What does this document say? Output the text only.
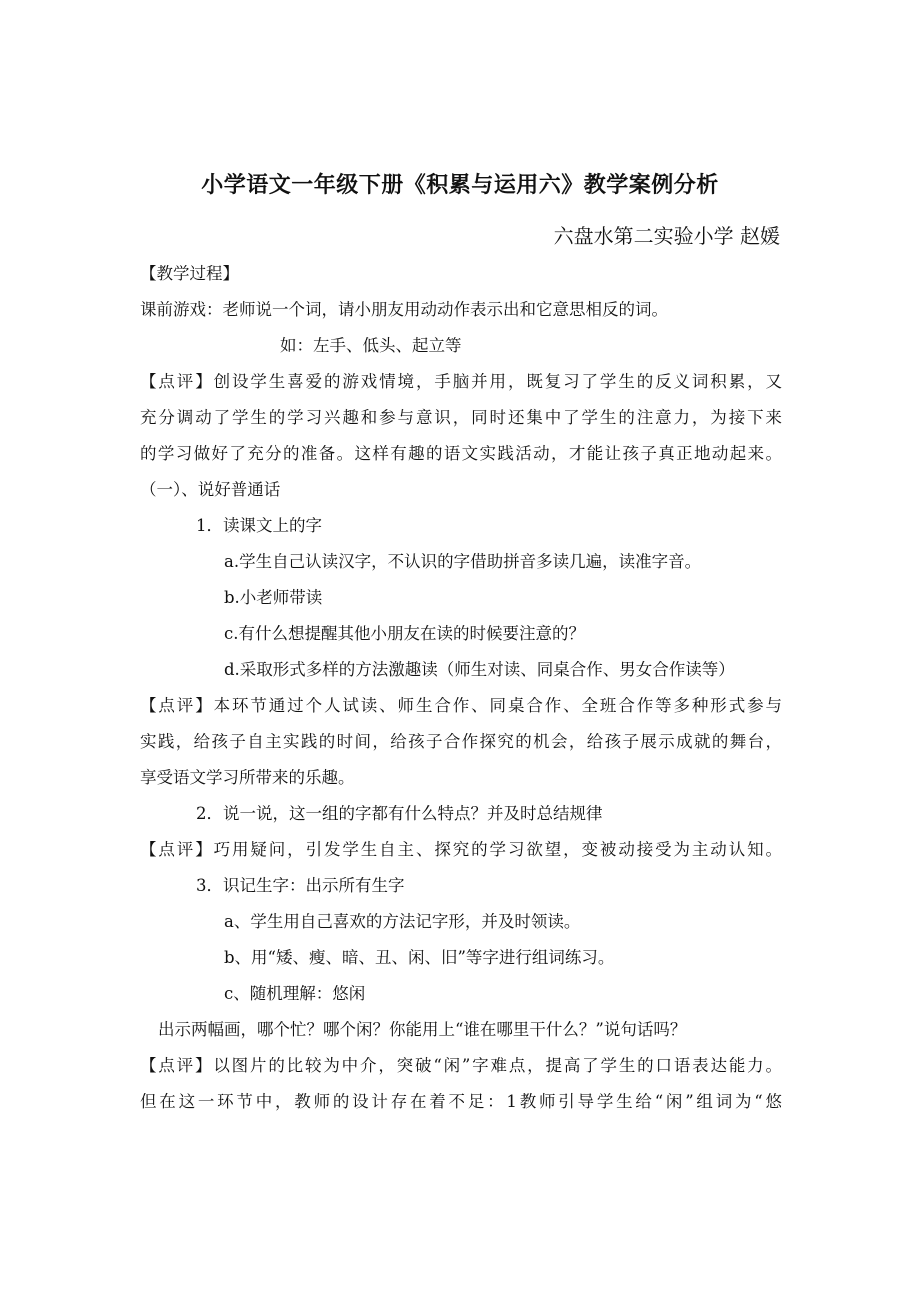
小学语文一年级下册《积累与运用六》教学案例分析
六盘水第二实验小学 赵媛
【教学过程】
课前游戏：老师说一个词，请小朋友用动动作表示出和它意思相反的词。
如：左手、低头、起立等
【点评】创设学生喜爱的游戏情境，手脑并用，既复习了学生的反义词积累，又
充分调动了学生的学习兴趣和参与意识，同时还集中了学生的注意力，为接下来
的学习做好了充分的准备。这样有趣的语文实践活动，才能让孩子真正地动起来。
（一）、说好普通话
1．读课文上的字
a.学生自己认读汉字，不认识的字借助拼音多读几遍，读准字音。
b.小老师带读
c.有什么想提醒其他小朋友在读的时候要注意的？
d.采取形式多样的方法激趣读（师生对读、同桌合作、男女合作读等）
【点评】本环节通过个人试读、师生合作、同桌合作、全班合作等多种形式参与
实践，给孩子自主实践的时间，给孩子合作探究的机会，给孩子展示成就的舞台，
享受语文学习所带来的乐趣。
2．说一说，这一组的字都有什么特点？并及时总结规律
【点评】巧用疑问，引发学生自主、探究的学习欲望，变被动接受为主动认知。
3．识记生字：出示所有生字
a、学生用自己喜欢的方法记字形，并及时领读。
b、用“矮、瘦、暗、丑、闲、旧”等字进行组词练习。
c、随机理解：悠闲
出示两幅画，哪个忙？哪个闲？你能用上“谁在哪里干什么？”说句话吗？
【点评】以图片的比较为中介，突破“闲”字难点，提高了学生的口语表达能力。
但在这一环节中，教师的设计存在着不足：1教师引导学生给“闲”组词为“悠
